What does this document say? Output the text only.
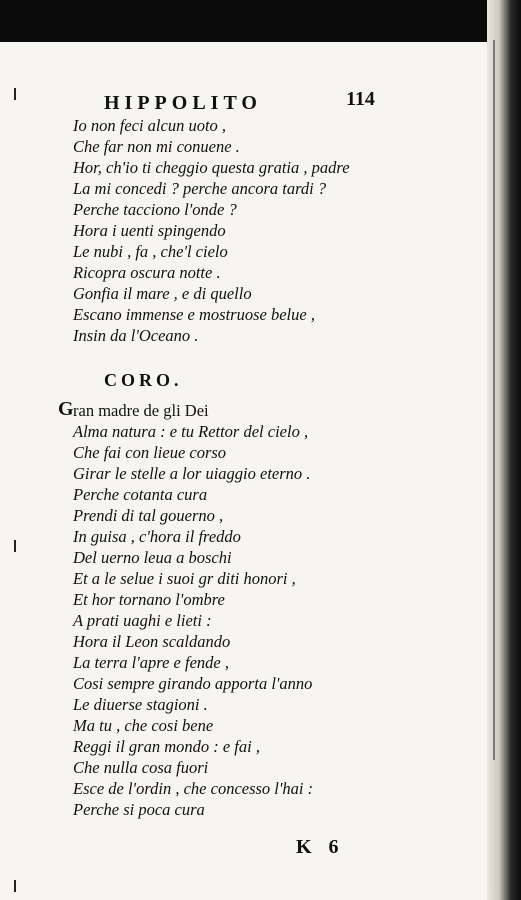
HIPPOLITO	114
Io non feci alcun uoto ,
Che far non mi conuene .
Hor, ch'io ti cheggio questa gratia , padre
La mi concedi ? perche ancora tardi ?
Perche tacciono l'onde ?
Hora i uenti spingendo
Le nubi , fa , che'l cielo
Ricopra oscura notte .
Gonfia il mare , e di quello
Escano immense e mostruose belue ,
Insin da l'Oceano .
CORO.
G ran madre de gli Dei
Alma natura : e tu Rettor del cielo ,
Che fai con lieue corso
Girar le stelle a lor uiaggio eterno .
Perche cotanta cura
Prendi di tal gouerno ,
In guisa , c'hora il freddo
Del uerno leua a boschi
Et a le selue i suoi gr diti honori ,
Et hor tornano l'ombre
A prati uaghi e lieti :
Hora il Leon scaldando
La terra l'apre e fende ,
Cosi sempre girando apporta l'anno
Le diuerse stagioni .
Ma tu , che cosi bene
Reggi il gran mondo : e fai ,
Che nulla cosa fuori
Esce de l'ordin , che concesso l'hai :
Perche si poca cura
K 6
